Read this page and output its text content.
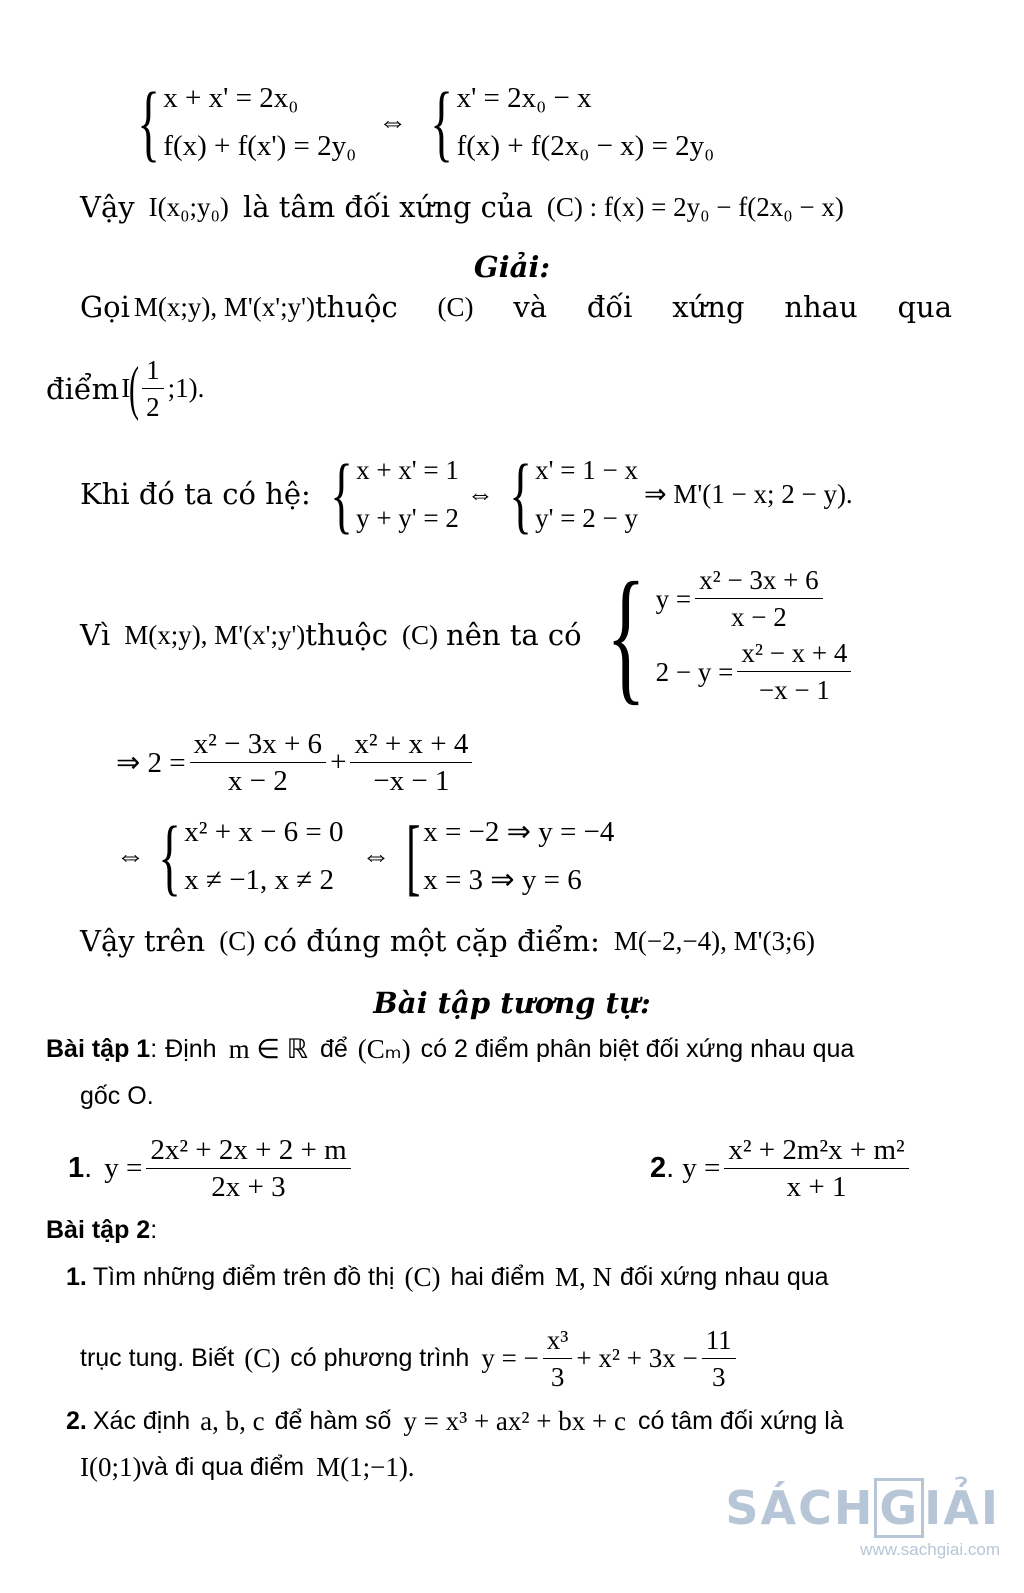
{ x + x' = 2x₀
f(x) + f(x') = 2y₀
⇔ { x' = 2x₀ − x
f(x) + f(2x₀ − x) = 2y₀
Vậy I(x₀;y₀) là tâm đối xứng của (C) : f(x) = 2y₀ − f(2x₀ − x)
Giải:
Gọi M(x;y), M'(x';y') thuộc (C) và đối xứng nhau qua
điểm I
( $\frac{1}{2}$ ;1).
Khi đó ta có hệ: { x + x' = 1
y + y' = 2
⇔ { x' = 1 − x
y' = 2 − y
⇒ M'(1 − x; 2 − y).
Vì M(x;y), M'(x';y') thuộc (C) nên ta có { $y = \frac{\text{x² − 3x + 6}}{x - 2}$
$2 - y = \frac{\text{x² − x + 4}}{-x - 1}$
⇒ $2 = \frac{\text{x² − 3x + 6}}{x - 2} + \frac{\text{x² + x + 4}}{-x - 1}$
⇔ { x² + x − 6 = 0
x ≠ −1, x ≠ 2
⇔ [ x = −2 ⇒ y = −4
x = 3 ⇒ y = 6
Vậy trên (C) có đúng một cặp điểm: M(−2,−4), M'(3;6)
Bài tập tương tự:
Bài tập 1 : Định m ∈ ℝ để (Cₘ) có 2 điểm phân biệt đối xứng nhau qua
gốc O.
1 . $y = \frac{\text{2x² + 2x + 2 + m}}{2x + 3}$	2 . $y = \frac{\text{x² + 2m²x + m²}}{x + 1}$
Bài tập 2 :
1 . Tìm những điểm trên đồ thị (C) hai điểm M, N đối xứng nhau qua
trục tung. Biết (C) có phương trình y = − $\frac{\text{x³}}{3} + x^2 + 3x - \frac{11}{3}$
2. Xác định a, b, c để hàm số y = x³ + ax² + bx + c có tâm đối xứng là
I(0;1) và đi qua điểm M(1;−1).
SÁCH G IẢI
www.sachgiai.com
